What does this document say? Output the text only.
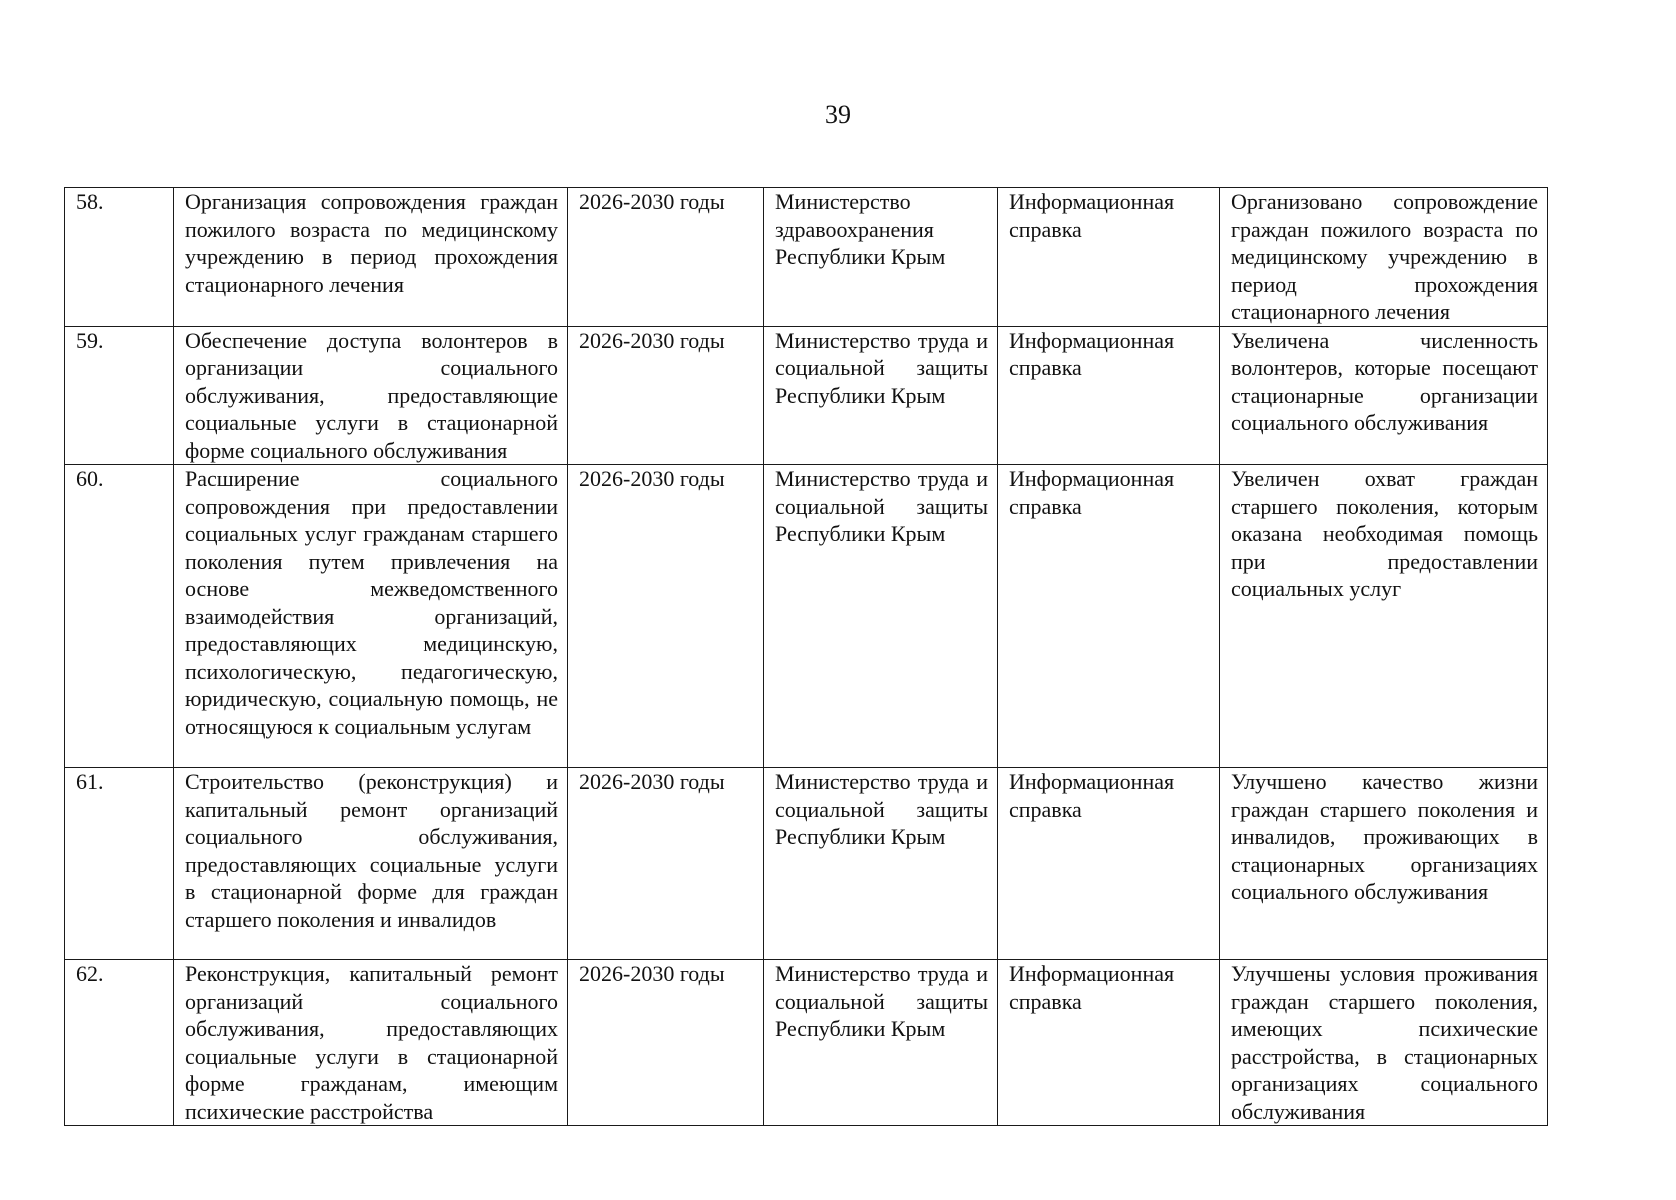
39
58.	Организация сопровождения граждан пожилого возраста по медицинскому учреждению в период прохождения стационарного лечения	2026-2030 годы	Министерство здравоохранения Республики Крым	Информационная справка	Организовано сопровождение граждан пожилого возраста по медицинскому учреждению в период прохождения стационарного лечения
59.	Обеспечение доступа волонтеров в организации социального обслуживания, предоставляющие социальные услуги в стационарной форме социального обслуживания	2026-2030 годы	Министерство труда и социальной защиты Республики Крым	Информационная справка	Увеличена численность волонтеров, которые посещают стационарные организации социального обслуживания
60.	Расширение социального сопровождения при предоставлении социальных услуг гражданам старшего поколения путем привлечения на основе межведомственного взаимодействия организаций, предоставляющих медицинскую, психологическую, педагогическую, юридическую, социальную помощь, не относящуюся к социальным услугам	2026-2030 годы	Министерство труда и социальной защиты Республики Крым	Информационная справка	Увеличен охват граждан старшего поколения, которым оказана необходимая помощь при предоставлении социальных услуг
61.	Строительство (реконструкция) и капитальный ремонт организаций социального обслуживания, предоставляющих социальные услуги в стационарной форме для граждан старшего поколения и инвалидов	2026-2030 годы	Министерство труда и социальной защиты Республики Крым	Информационная справка	Улучшено качество жизни граждан старшего поколения и инвалидов, проживающих в стационарных организациях социального обслуживания
62.	Реконструкция, капитальный ремонт организаций социального обслуживания, предоставляющих социальные услуги в стационарной форме гражданам, имеющим психические расстройства	2026-2030 годы	Министерство труда и социальной защиты Республики Крым	Информационная справка	Улучшены условия проживания граждан старшего поколения, имеющих психические расстройства, в стационарных организациях социального обслуживания
